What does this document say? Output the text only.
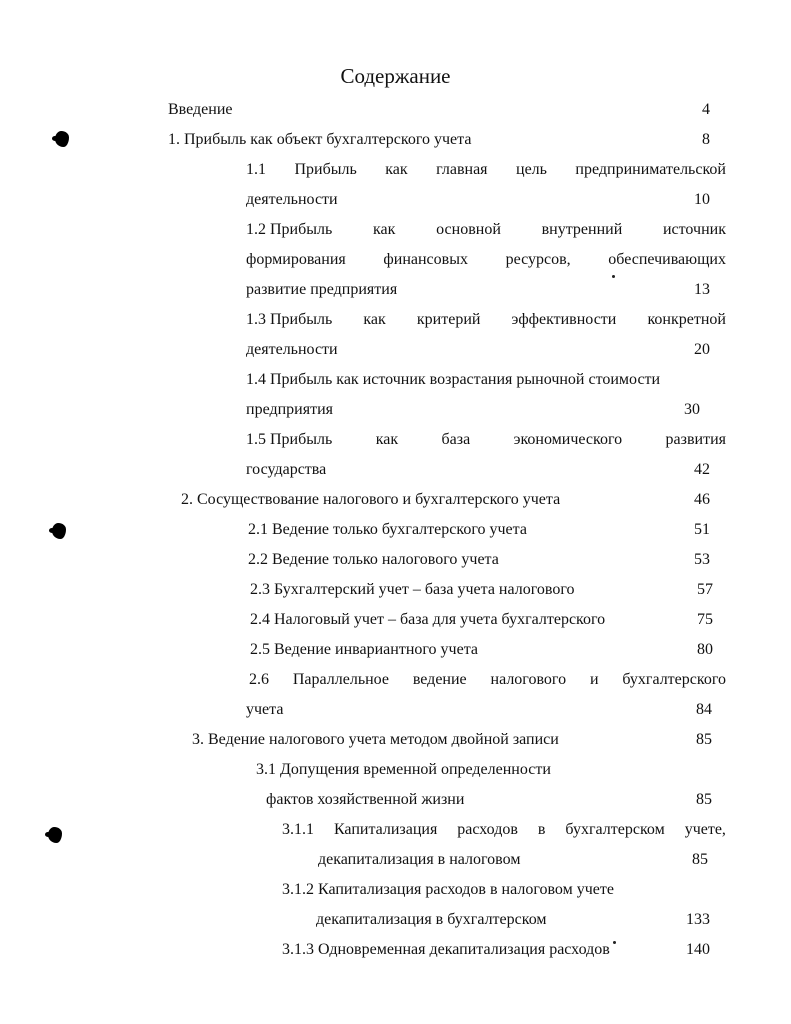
Содержание
Введение	4
1. Прибыль как объект бухгалтерского учета	8
1.1 Прибыль как главная цель предпринимательской
деятельности	10
1.2 Прибыль	как	основной	внутренний	источник
формирования финансовых ресурсов, обеспечивающих
развитие предприятия	13
1.3 Прибыль как критерий эффективности конкретной
деятельности	20
1.4 Прибыль как источник возрастания рыночной стоимости
предприятия	30
1.5 Прибыль	как	база	экономического	развития
государства	42
2. Сосуществование налогового и бухгалтерского учета	46
2.1 Ведение только бухгалтерского учета	51
2.2 Ведение только налогового учета	53
2.3 Бухгалтерский учет – база учета налогового	57
2.4 Налоговый учет – база для учета бухгалтерского	75
2.5 Ведение инвариантного учета	80
2.6 Параллельное ведение налогового и бухгалтерского
учета	84
3. Ведение налогового учета методом двойной записи	85
3.1 Допущения временной определенности
фактов хозяйственной жизни	85
3.1.1 Капитализация расходов в бухгалтерском учете,
декапитализация в налоговом	85
3.1.2 Капитализация расходов в налоговом учете
декапитализация в бухгалтерском	133
3.1.3 Одновременная декапитализация расходов	140
